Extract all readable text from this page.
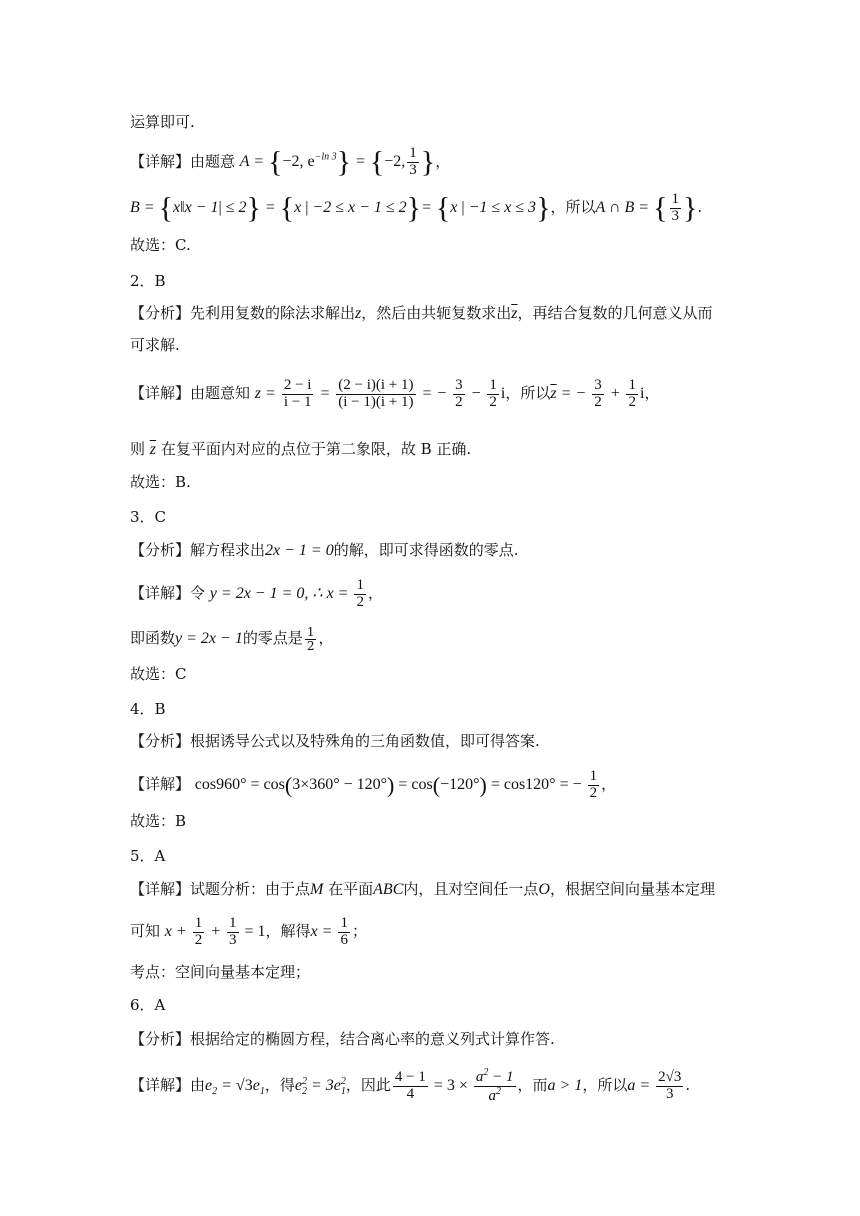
运算即可.
【详解】由题意 A = {−2, $e^{-ln 3}\} = \{-2$, $\frac{1}{3}$ }，
B = {x‖x − 1| ≤ 2} = {x | −2 ≤ x − 1 ≤ 2}= {x | −1 ≤ x ≤ 3}，所以A ∩ B = { $\frac{1}{3}$ }.
故选：C.
2．B
【分析】先利用复数的除法求解出z，然后由共轭复数求出$\overline{z}$，再结合复数的几何意义从而
可求解.
【详解】由题意知 $z = \frac{2 - i}{i - 1} = \frac{(2 - i)(i + 1)}{(i - 1)(i + 1)}$ = − $\frac{3}{2} - \frac{1}{2}$ i，所以$\overline{z}$ = − $\frac{3}{2} + \frac{1}{2}$ i，
则 $\overline{z}$ 在复平面内对应的点位于第二象限，故 B 正确.
故选：B.
3．C
【分析】解方程求出2x − 1 = 0的解，即可求得函数的零点.
【详解】令 y = 2x − 1 = 0, ∴ $x = \frac{1}{2}$ ，
即函数y = 2x − 1的零点是 $\frac{1}{2}$ ，
故选：C
4．B
【分析】根据诱导公式以及特殊角的三角函数值，即可得答案.
【详解】 cos960° = cos(3×360° − 120°) = cos(−120°) = cos120° = − $\frac{1}{2}$ ，
故选：B
5．A
【详解】试题分析：由于点M 在平面ABC内，且对空间任一点O，根据空间向量基本定理
可知 $x + \frac{1}{2} + \frac{1}{3} = 1$，解得$x = \frac{1}{6}$ ；
考点：空间向量基本定理；
6．A
【分析】根据给定的椭圆方程，结合离心率的意义列式计算作答.
【详解】由$e_2 = √3e_1$，得$e_2^2 = 3e_1^2$，因此 $\frac{4 - 1}{4} = 3 \times \frac{a^2 - 1}{a^2}$ ，而a > 1，所以$a = \frac{2√3}{3}$ .
